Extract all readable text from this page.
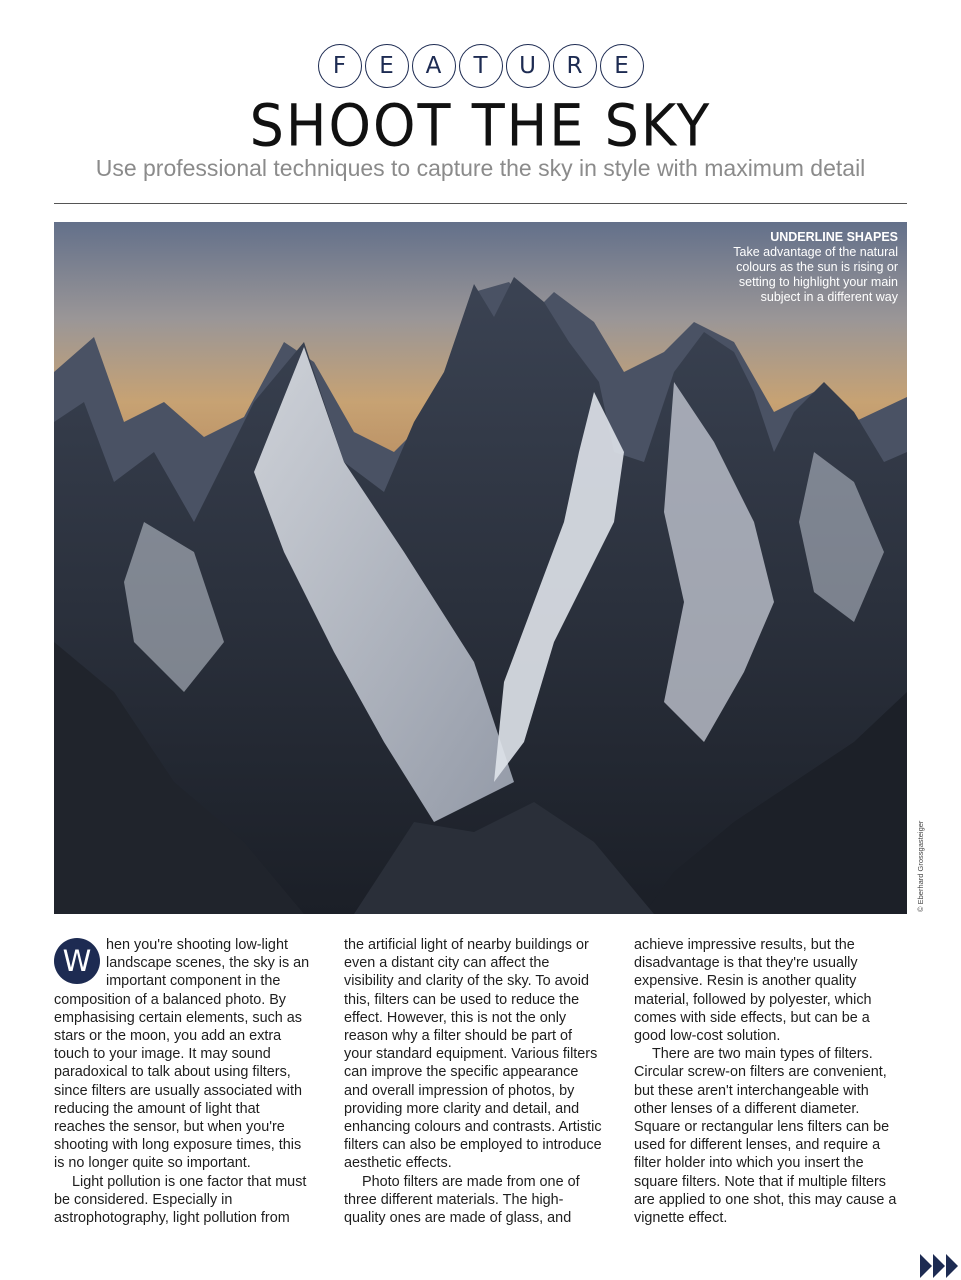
F	E	A	T	U	R	E
SHOOT THE SKY

Use professional techniques to capture the sky in style with maximum detail

UNDERLINE SHAPES
Take advantage of the natural colours as the sun is rising or setting to highlight your main subject in a different way
© Eberhard Grossgasteiger
W	hen you're shooting low-light landscape scenes, the sky is an important component in the composition of a balanced photo. By emphasising certain elements, such as stars or the moon, you add an extra touch to your image. It may sound paradoxical to talk about using filters, since filters are usually associated with reducing the amount of light that reaches the sensor, but when you're shooting with long exposure times, this is no longer quite so important.

Light pollution is one factor that must be considered. Especially in astrophotography, light pollution from

the artificial light of nearby buildings or even a distant city can affect the visibility and clarity of the sky. To avoid this, filters can be used to reduce the effect. However, this is not the only reason why a filter should be part of your standard equipment. Various filters can improve the specific appearance and overall impression of photos, by providing more clarity and detail, and enhancing colours and contrasts. Artistic filters can also be employed to introduce aesthetic effects.

Photo filters are made from one of three different materials. The high-quality ones are made of glass, and

achieve impressive results, but the disadvantage is that they're usually expensive. Resin is another quality material, followed by polyester, which comes with side effects, but can be a good low-cost solution.

There are two main types of filters. Circular screw-on filters are convenient, but these aren't interchangeable with other lenses of a different diameter. Square or rectangular lens filters can be used for different lenses, and require a filter holder into which you insert the square filters. Note that if multiple filters are applied to one shot, this may cause a vignette effect.
